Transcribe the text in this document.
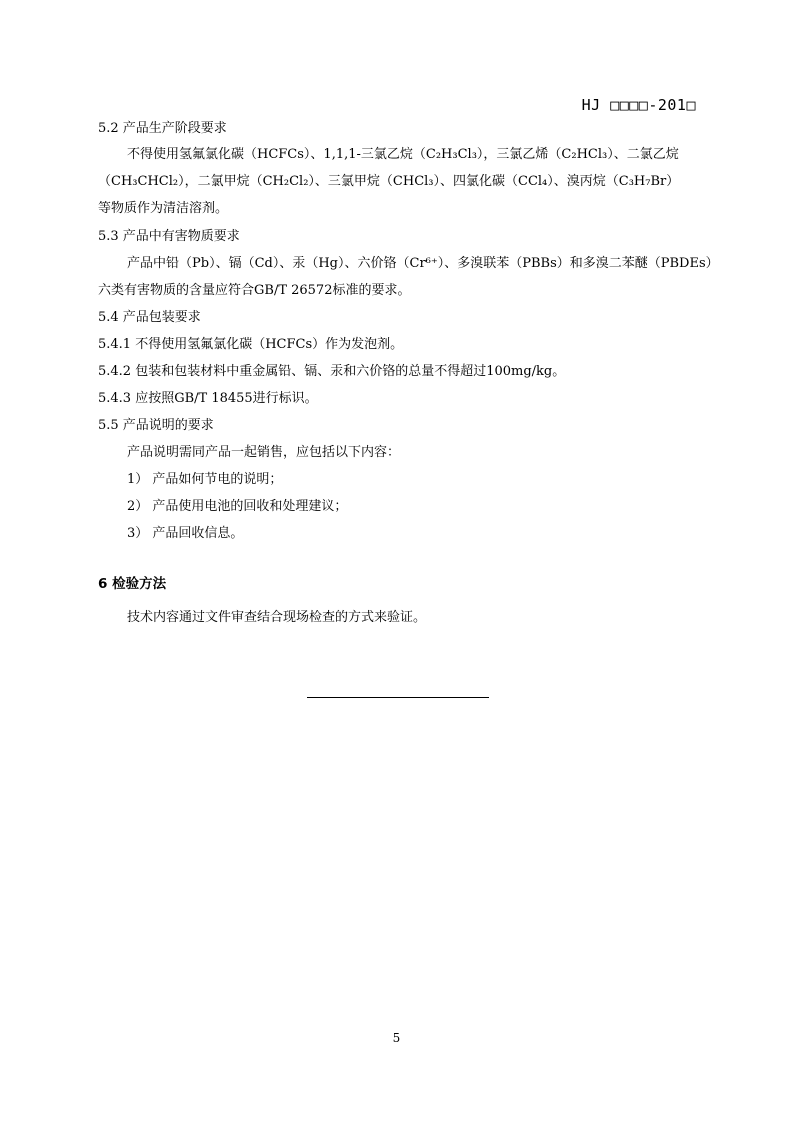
HJ □□□□-201□
5.2 产品生产阶段要求
不得使用氢氟氯化碳（HCFCs）、1,1,1-三氯乙烷（C₂H₃Cl₃），三氯乙烯（C₂HCl₃）、二氯乙烷
（CH₃CHCl₂），二氯甲烷（CH₂Cl₂）、三氯甲烷（CHCl₃）、四氯化碳（CCl₄）、溴丙烷（C₃H₇Br）
等物质作为清洁溶剂。
5.3 产品中有害物质要求
产品中铅（Pb）、镉（Cd）、汞（Hg）、六价铬（Cr⁶⁺）、多溴联苯（PBBs）和多溴二苯醚（PBDEs）
六类有害物质的含量应符合GB/T 26572标准的要求。
5.4 产品包装要求
5.4.1 不得使用氢氟氯化碳（HCFCs）作为发泡剂。
5.4.2 包装和包装材料中重金属铅、镉、汞和六价铬的总量不得超过100mg/kg。
5.4.3 应按照GB/T 18455进行标识。
5.5 产品说明的要求
产品说明需同产品一起销售，应包括以下内容：
1） 产品如何节电的说明；
2） 产品使用电池的回收和处理建议；
3） 产品回收信息。
6 检验方法
技术内容通过文件审查结合现场检查的方式来验证。
5
